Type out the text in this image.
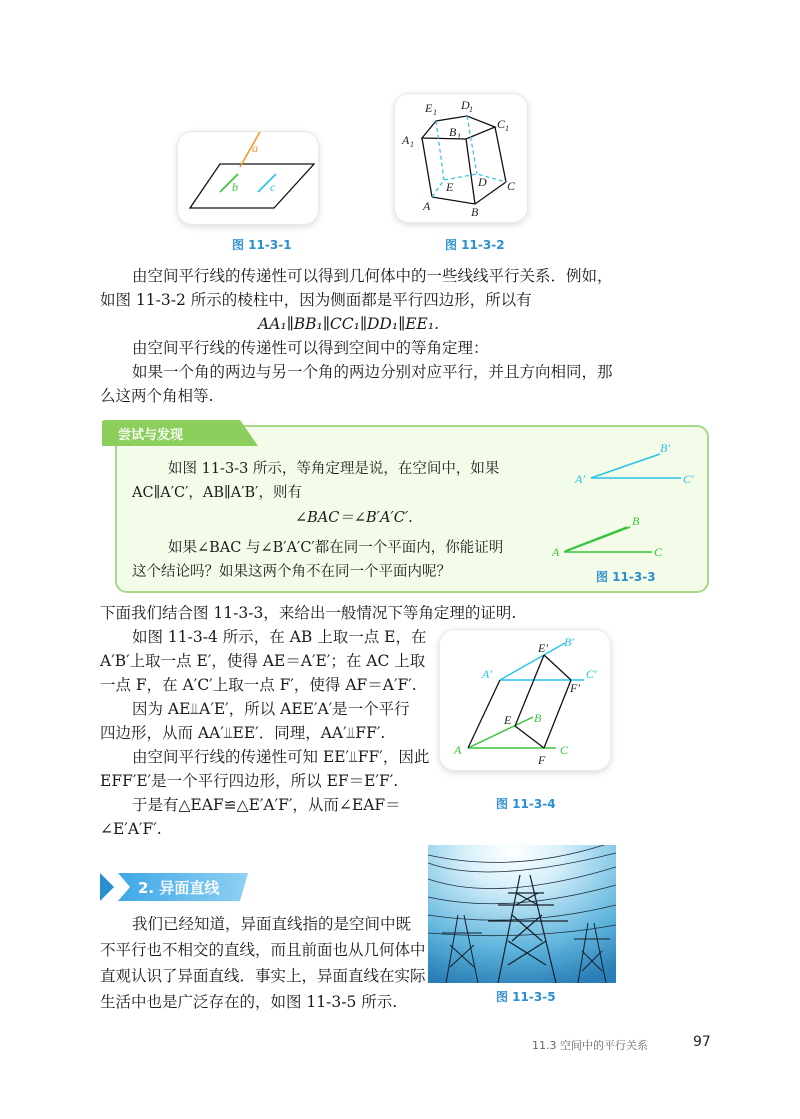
a
b	c
图 11-3-1
E 1
D 1
C 1
A 1
B 1
E D C
A	B
图 11-3-2
由空间平行线的传递性可以得到几何体中的一些线线平行关系．例如，
如图 11-3-2 所示的棱柱中，因为侧面都是平行四边形，所以有
AA₁∥BB₁∥CC₁∥DD₁∥EE₁.
由空间平行线的传递性可以得到空间中的等角定理：
如果一个角的两边与另一个角的两边分别对应平行，并且方向相同，那
么这两个角相等.
尝试与发现
如图 11-3-3 所示，等角定理是说，在空间中，如果
AC∥A′C′，AB∥A′B′，则有
∠BAC＝∠B′A′C′.
如果∠BAC 与∠B′A′C′都在同一个平面内，你能证明
这个结论吗？如果这两个角不在同一个平面内呢？
A′
B′
C′
A
B
C
图 11-3-3
下面我们结合图 11-3-3，来给出一般情况下等角定理的证明.
如图 11-3-4 所示，在 AB 上取一点 E，在
A′B′上取一点 E′，使得 AE＝A′E′；在 AC 上取
一点 F，在 A′C′上取一点 F′，使得 AF＝A′F′.
因为 AE⫫A′E′，所以 AEE′A′是一个平行
四边形，从而 AA′⫫EE′．同理，AA′⫫FF′.
由空间平行线的传递性可知 EE′⫫FF′，因此
EFF′E′是一个平行四边形，所以 EF＝E′F′.
于是有△EAF≌△E′A′F′，从而∠EAF＝
∠E′A′F′.
E′ B′
A′	C′
F′
E B
A	C
F
图 11-3-4
2. 异面直线
我们已经知道，异面直线指的是空间中既
不平行也不相交的直线，而且前面也从几何体中
直观认识了异面直线．事实上，异面直线在实际
生活中也是广泛存在的，如图 11-3-5 所示.	图 11-3-5
11.3 空间中的平行关系	97
